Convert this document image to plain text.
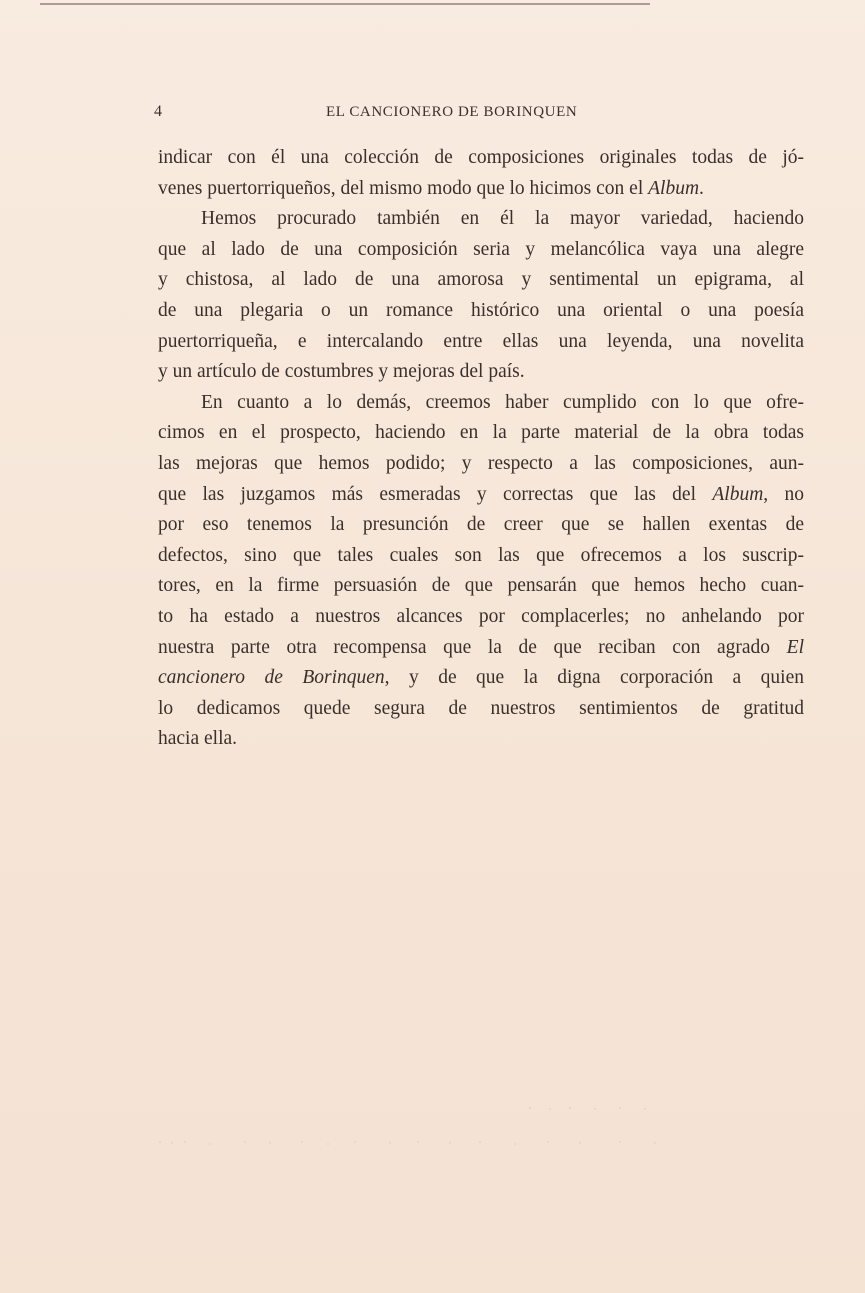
4	EL CANCIONERO DE BORINQUEN
indicar con él una colección de composiciones originales todas de jó-
venes puertorriqueños, del mismo modo que lo hicimos con el Album.
Hemos procurado también en él la mayor variedad, haciendo
que al lado de una composición seria y melancólica vaya una alegre
y chistosa, al lado de una amorosa y sentimental un epigrama, al
de una plegaria o un romance histórico una oriental o una poesía
puertorriqueña, e intercalando entre ellas una leyenda, una novelita
y un artículo de costumbres y mejoras del país.
En cuanto a lo demás, creemos haber cumplido con lo que ofre-
cimos en el prospecto, haciendo en la parte material de la obra todas
las mejoras que hemos podido; y respecto a las composiciones, aun-
que las juzgamos más esmeradas y correctas que las del Album, no
por eso tenemos la presunción de creer que se hallen exentas de
defectos, sino que tales cuales son las que ofrecemos a los suscrip-
tores, en la firme persuasión de que pensarán que hemos hecho cuan-
to ha estado a nuestros alcances por complacerles; no anhelando por
nuestra parte otra recompensa que la de que reciban con agrado El
cancionero de Borinquen, y de que la digna corporación a quien
lo dedicamos quede segura de nuestros sentimientos de gratitud
hacia ella.
